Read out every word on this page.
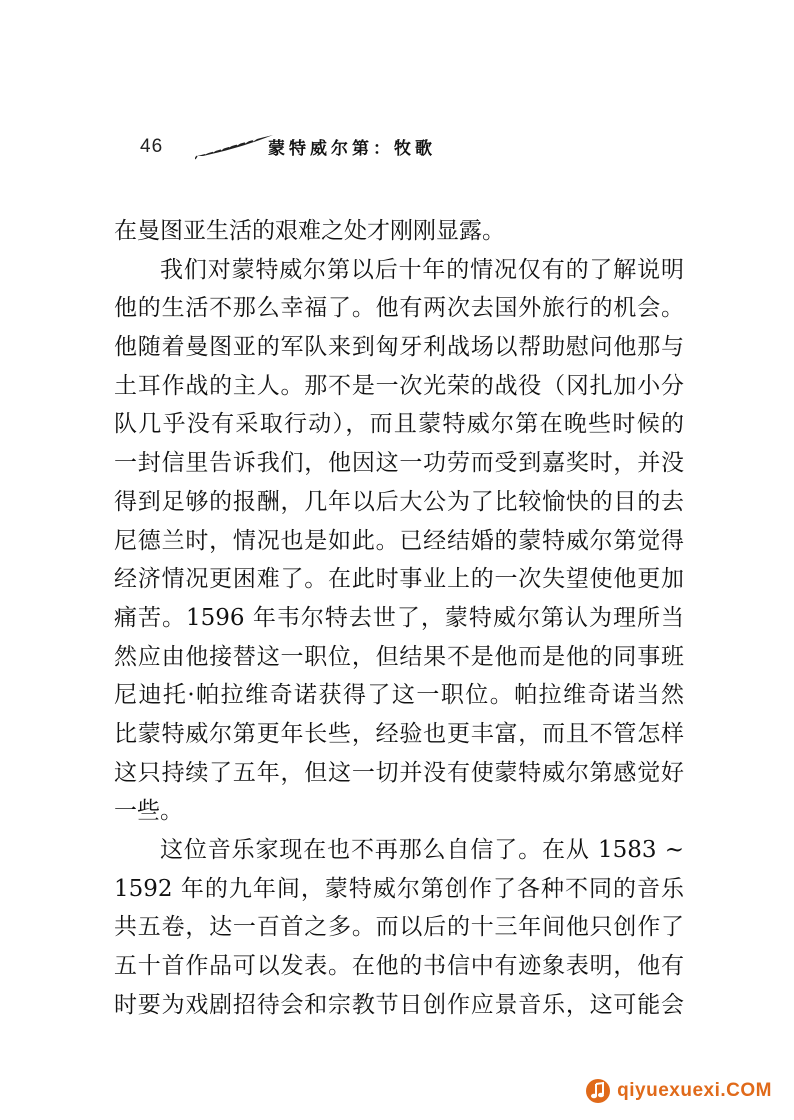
46	蒙特威尔第：牧歌
在曼图亚生活的艰难之处才刚刚显露。
我们对蒙特威尔第以后十年的情况仅有的了解说明
他的生活不那么幸福了。他有两次去国外旅行的机会。
他随着曼图亚的军队来到匈牙利战场以帮助慰问他那与
土耳作战的主人。那不是一次光荣的战役（冈扎加小分
队几乎没有采取行动），而且蒙特威尔第在晚些时候的
一封信里告诉我们，他因这一功劳而受到嘉奖时，并没
得到足够的报酬，几年以后大公为了比较愉快的目的去
尼德兰时，情况也是如此。已经结婚的蒙特威尔第觉得
经济情况更困难了。在此时事业上的一次失望使他更加
痛苦。1596 年韦尔特去世了，蒙特威尔第认为理所当
然应由他接替这一职位，但结果不是他而是他的同事班
尼迪托·帕拉维奇诺获得了这一职位。帕拉维奇诺当然
比蒙特威尔第更年长些，经验也更丰富，而且不管怎样
这只持续了五年，但这一切并没有使蒙特威尔第感觉好
一些。
这位音乐家现在也不再那么自信了。在从 1583 ~
1592 年的九年间，蒙特威尔第创作了各种不同的音乐
共五卷，达一百首之多。而以后的十三年间他只创作了
五十首作品可以发表。在他的书信中有迹象表明，他有
时要为戏剧招待会和宗教节日创作应景音乐，这可能会
qiyuexuexi.COM
